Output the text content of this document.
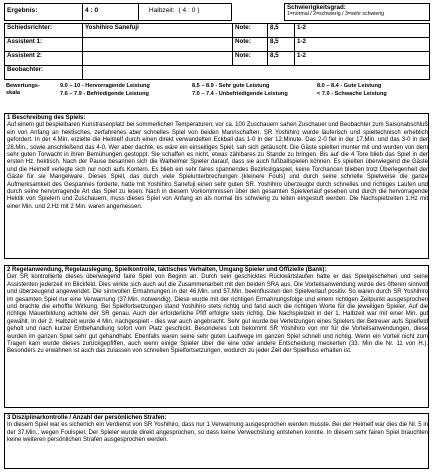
Ergebnis:	4 : 0	Halbzeit:	( 4 : 0 )		Schwierigkeitsgrad:
1=normal / 2=schwierig / 3=sehr schwierig
Schiedsrichter:	Yoshihiro Sanefuji	Note:	8,5	1-2
Assistent 1:		Note:	8,5	1-2
Assistent 2:		Note:	8,5	1-2
Beobachter:				
Bewertungs-skala
9.0 – 10 - Hervorragende Leistung	8.5 – 8.9 - Sehr gute Leistung	8.0 – 8.4 - Gute Leistung
7.6 – 7.9 - Befriedigende Leistung	7.0 – 7.4 - Unbefriedigende Leistung	< 7.0 - Schwache Leistung
1 Beschreibung des Spiels:
Auf einem gut bespielbaren Kunstrasenplatz bei sommerlichen Temperaturen, vor ca. 100 Zuschauern sahen Zuschauer und Beobachter zum Saisonabschluß ein von Anfang an hektisches, zerfahrenes aber schnelles Spiel von beiden Mannschaften. SR Yoshihiro wurde läuferisch und spieltechnisch erheblich gefordert. In der 4.Min. erzielte die Heimelf durch einen direkt verwandelten Eckball das 1-0 in der 12.Minute. Das 2-0 fiel in der 17.Min. und das 3-0 in der 28.Min., sowie anschließend das 4-0. Wer aber dachte, es wäre ein einseitiges Spiel, sah sich getäuscht. Die Gäste spielten munter mit und wurden von dem sehr guten Torwacht in ihren Bemühungen gestoppt. Sie schaffen es nicht, etwas zählbares zu Stande zu bringen. Bis auf die 4 Tore blieb das Spiel in der ersten Hz. hektisch. Nach der Pause besannen sich die Walhelmer Spieler darauf, dass sie auch fußballspielen können. Es spielten überwiegend die Gäste und die Heimelf verlegte sich nur noch aufs Kontern. Es blieb ein sehr faires spannendes Bezirksligaspiel, keine Torchancen blieben trotz Überlegenheit der Gäste für sie Mangelware. Dieses Spiel, das durch viele Spielunterbrechungen (kleinere Fouls) und durch seine schnelle Spielweise die ganze Aufmerksamkeit des Gespannes forderte, hatte mit Yoshihiro Sanefuji einen sehr guten SR. Yoshihiro überzeugte durch schnelles und richtiges Laufen und durch seine hervorragende Art das Spiel zu lesen. Nach in diesem Vorkommnissen über den gesamten Spielverlauf gesehen und durch die hervorragende Hektik von Spielern und Zuschauern, muss dieses Spiel von Anfang an als normal bis schwierig zu leiten eingestuft werden. Die Nachspielzeiten 1.Hz mit einer Min. und 2.Hz mit 2 Min. waren angemessen.
2 Regelanwendung, Regelauslegung, Spielkontrolle, taktisches Verhalten, Umgang Spieler und Offizielle (Bank):
Der SR kontrollierte dieses überwiegend faire Spiel von Beginn an. Durch sein geschicktes Rückwärtslaufen hatte er das Spielgeschehen und seine Assistenten jederzeit im Blickfeld. Dies wirkte sich auch auf die Zusammenarbeit mit den beiden SRA aus. Die Vorteilsanwendung wurde des öfteren sinnvoll und überzeugend angewendet. Die sinnvollen Ermahnungen in der 46.Min. und 57.Min. beeinflussten den Spielverlauf positiv. So waren durch SR Yoshihiro im gesamten Spiel nur eine Verwarnung (37.Min. notwendig). Diese wurde mit der richtigen Ermahnungsfolge und einem richtigen Zeitpunkt ausgesprochen und brachte die erhoffte Wirkung. Bei Spielfortsetzungen stand Yoshihiro stets richtig und fand auch die richtigen Worte für die jeweiligen Spieler. Auf die richtige Mauerbildung achtete der SR genau. Auch der erforderliche Pfiff erfolgte stets richtig. Die Nachspielzeit in der 1. Halbzeit war mit einer Min. gut gewählt. In der 2. Halbzeit wurde 4 Min. nachgespielt - dies war auch angebracht. Sehr gut wurde bei Verletzungen eines Spielers der Betreuer aufs Spielfeld geholt und nach kurzer Entbehandlung sofort vom Platz geschickt. Besonderes Lob bekommt SR Yoshihiro von mir für die Vorteilsanwendungen, diese wurden im ganzen Spiel sehr gut gehandhabt. Ebenfalls waren seine sehr guten Laufwege im ganzen Spiel schnell und richtig. Wenn ein Vorteil nicht zum Tragen kam wurde dieses zurückgepfiffen, auch wenn einige Spieler über die eine oder andere Entscheidung meckerten (33. Min die Nr. 11 von H.). Besonders zu erwähnen ist auch das zulassen von schnellen Spielfortsetzungen, wodurch zu jeder Zeit der Spielfluss erhalten ist.
3 Disziplinarkontrolle / Anzahl der persönlichen Strafen:
In diesem Spiel war es sicherlich ein Verdienst von SR Yoshihiro, dass nur 1 Verwarnung ausgesprochen werden musste. Bei der Heimelf war dies die Nr. 5 in der 37.Min., wegen Foulspiel. Der Spieler wurde direkt angesprochen, so dass keine Verwechslung entstehen konnte. In diesem sehr fairen Spiel brauchten keine weiteren persönlichen Strafen ausgesprochen werden.
